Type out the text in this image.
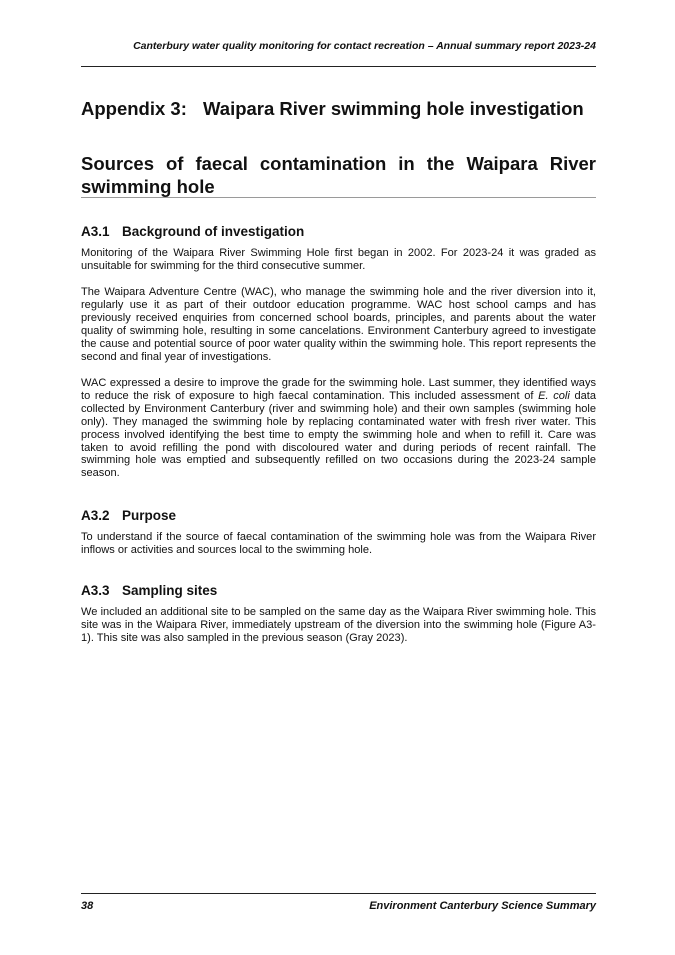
Canterbury water quality monitoring for contact recreation – Annual summary report 2023-24
Appendix 3: Waipara River swimming hole investigation
Sources of faecal contamination in the Waipara River swimming hole
A3.1 Background of investigation

Monitoring of the Waipara River Swimming Hole first began in 2002. For 2023-24 it was graded as unsuitable for swimming for the third consecutive summer.

The Waipara Adventure Centre (WAC), who manage the swimming hole and the river diversion into it, regularly use it as part of their outdoor education programme. WAC host school camps and has previously received enquiries from concerned school boards, principles, and parents about the water quality of swimming hole, resulting in some cancelations. Environment Canterbury agreed to investigate the cause and potential source of poor water quality within the swimming hole. This report represents the second and final year of investigations.

WAC expressed a desire to improve the grade for the swimming hole. Last summer, they identified ways to reduce the risk of exposure to high faecal contamination. This included assessment of E. coli data collected by Environment Canterbury (river and swimming hole) and their own samples (swimming hole only). They managed the swimming hole by replacing contaminated water with fresh river water. This process involved identifying the best time to empty the swimming hole and when to refill it. Care was taken to avoid refilling the pond with discoloured water and during periods of recent rainfall. The swimming hole was emptied and subsequently refilled on two occasions during the 2023-24 sample season.

A3.2 Purpose

To understand if the source of faecal contamination of the swimming hole was from the Waipara River inflows or activities and sources local to the swimming hole.

A3.3 Sampling sites

We included an additional site to be sampled on the same day as the Waipara River swimming hole. This site was in the Waipara River, immediately upstream of the diversion into the swimming hole (Figure A3-1). This site was also sampled in the previous season (Gray 2023).

38	Environment Canterbury Science Summary
